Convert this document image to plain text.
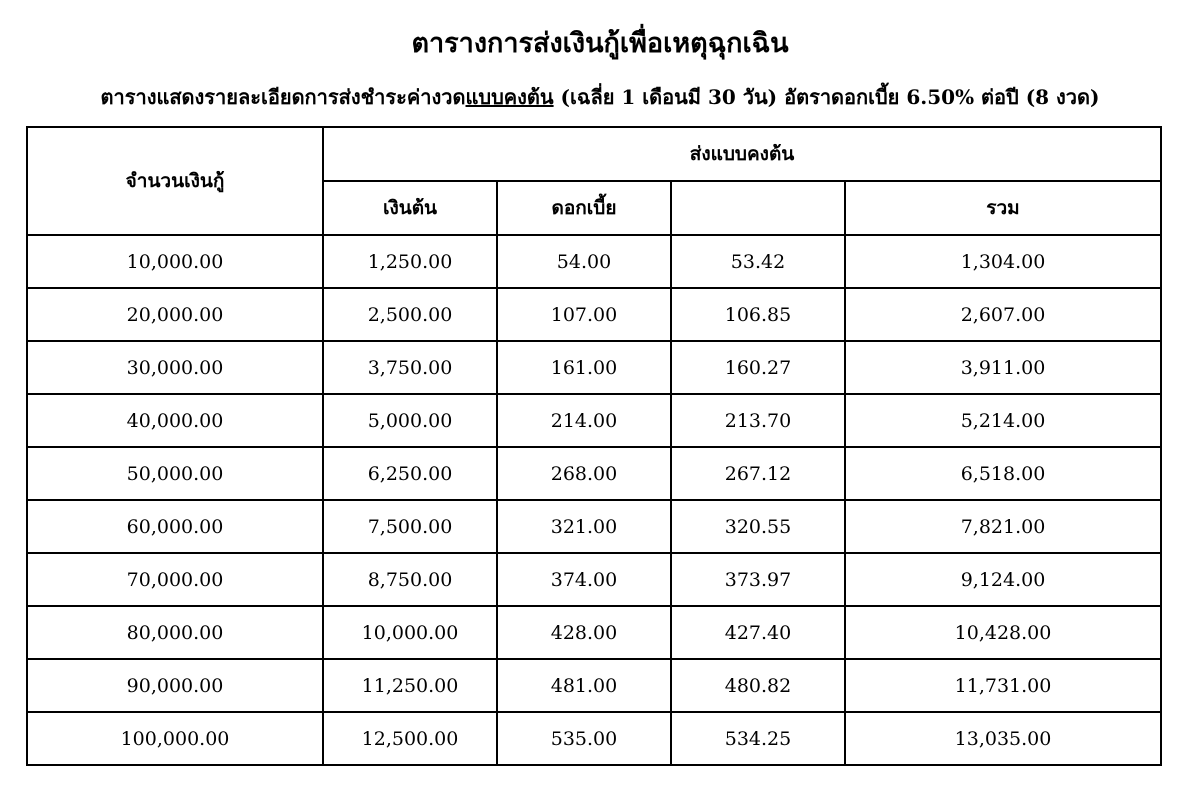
ตารางการส่งเงินกู้เพื่อเหตุฉุกเฉิน
ตารางแสดงรายละเอียดการส่งชำระค่างวดแบบคงต้น (เฉลี่ย 1 เดือนมี 30 วัน) อัตราดอกเบี้ย 6.50% ต่อปี (8 งวด)
จำนวนเงินกู้	ส่งแบบคงต้น			
	เงินต้น	ดอกเบี้ย		รวม
10,000.00	1,250.00	54.00	53.42	1,304.00
20,000.00	2,500.00	107.00	106.85	2,607.00
30,000.00	3,750.00	161.00	160.27	3,911.00
40,000.00	5,000.00	214.00	213.70	5,214.00
50,000.00	6,250.00	268.00	267.12	6,518.00
60,000.00	7,500.00	321.00	320.55	7,821.00
70,000.00	8,750.00	374.00	373.97	9,124.00
80,000.00	10,000.00	428.00	427.40	10,428.00
90,000.00	11,250.00	481.00	480.82	11,731.00
100,000.00	12,500.00	535.00	534.25	13,035.00
